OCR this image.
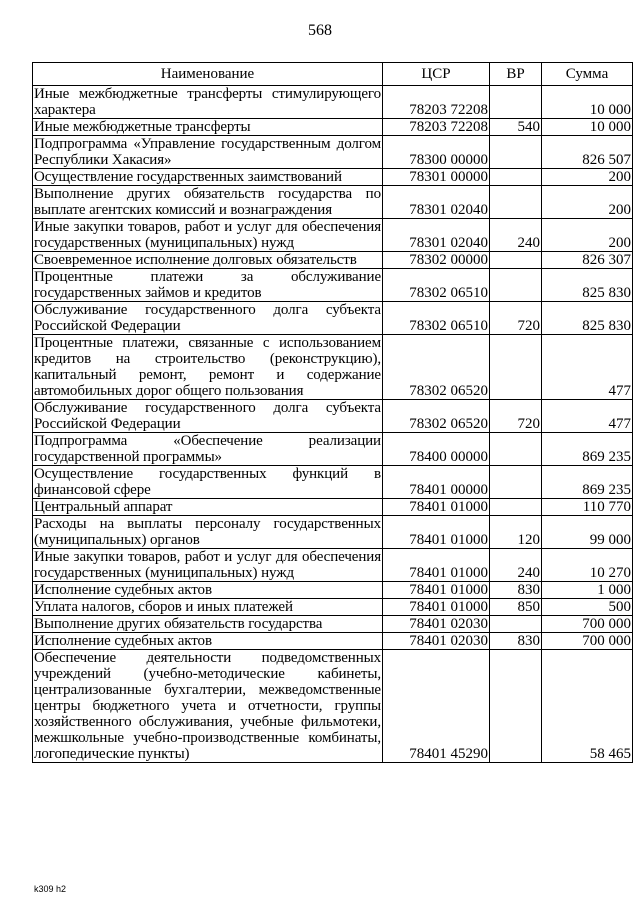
568
Наименование	ЦСР	ВР	Сумма
Иные межбюджетные трансферты стимулирующего характера	78203 72208		10 000
Иные межбюджетные трансферты	78203 72208	540	10 000
Подпрограмма «Управление государственным долгом Республики Хакасия»	78300 00000		826 507
Осуществление государственных заимствований	78301 00000		200
Выполнение других обязательств государства по выплате агентских комиссий и вознаграждения	78301 02040		200
Иные закупки товаров, работ и услуг для обеспечения государственных (муниципальных) нужд	78301 02040	240	200
Своевременное исполнение долговых обязательств	78302 00000		826 307
Процентные платежи за обслуживание государственных займов и кредитов	78302 06510		825 830
Обслуживание государственного долга субъекта Российской Федерации	78302 06510	720	825 830
Процентные платежи, связанные с использованием кредитов на строительство (реконструкцию), капитальный ремонт, ремонт и содержание автомобильных дорог общего пользования	78302 06520		477
Обслуживание государственного долга субъекта Российской Федерации	78302 06520	720	477
Подпрограмма «Обеспечение реализации государственной программы»	78400 00000		869 235
Осуществление государственных функций в финансовой сфере	78401 00000		869 235
Центральный аппарат	78401 01000		110 770
Расходы на выплаты персоналу государственных (муниципальных) органов	78401 01000	120	99 000
Иные закупки товаров, работ и услуг для обеспечения государственных (муниципальных) нужд	78401 01000	240	10 270
Исполнение судебных актов	78401 01000	830	1 000
Уплата налогов, сборов и иных платежей	78401 01000	850	500
Выполнение других обязательств государства	78401 02030		700 000
Исполнение судебных актов	78401 02030	830	700 000
Обеспечение деятельности подведомственных учреждений (учебно-методические кабинеты, централизованные бухгалтерии, межведомственные центры бюджетного учета и отчетности, группы хозяйственного обслуживания, учебные фильмотеки, межшкольные учебно-производственные комбинаты, логопедические пункты)	78401 45290		58 465
k309 h2
